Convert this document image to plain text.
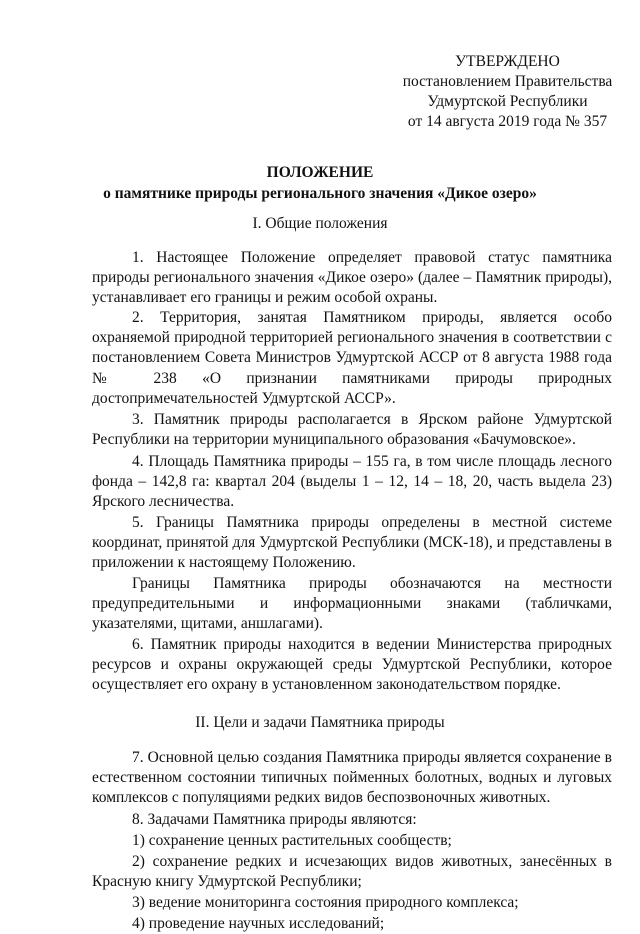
УТВЕРЖДЕНО
постановлением Правительства
Удмуртской Республики
от 14 августа 2019 года № 357
ПОЛОЖЕНИЕ
о памятнике природы регионального значения «Дикое озеро»
I. Общие положения
1. Настоящее Положение определяет правовой статус памятника природы регионального значения «Дикое озеро» (далее – Памятник природы), устанавливает его границы и режим особой охраны.
2. Территория, занятая Памятником природы, является особо охраняемой природной территорией регионального значения в соответствии с постановлением Совета Министров Удмуртской АССР от 8 августа 1988 года № 238 «О признании памятниками природы природных достопримечательностей Удмуртской АССР».
3. Памятник природы располагается в Ярском районе Удмуртской Республики на территории муниципального образования «Бачумовское».
4. Площадь Памятника природы – 155 га, в том числе площадь лесного фонда – 142,8 га: квартал 204 (выделы 1 – 12, 14 – 18, 20, часть выдела 23) Ярского лесничества.
5. Границы Памятника природы определены в местной системе координат, принятой для Удмуртской Республики (МСК-18), и представлены в приложении к настоящему Положению.
Границы Памятника природы обозначаются на местности предупредительными и информационными знаками (табличками, указателями, щитами, аншлагами).
6. Памятник природы находится в ведении Министерства природных ресурсов и охраны окружающей среды Удмуртской Республики, которое осуществляет его охрану в установленном законодательством порядке.
II. Цели и задачи Памятника природы
7. Основной целью создания Памятника природы является сохранение в естественном состоянии типичных пойменных болотных, водных и луговых комплексов с популяциями редких видов беспозвоночных животных.
8. Задачами Памятника природы являются:
1) сохранение ценных растительных сообществ;
2) сохранение редких и исчезающих видов животных, занесённых в Красную книгу Удмуртской Республики;
3) ведение мониторинга состояния природного комплекса;
4) проведение научных исследований;
